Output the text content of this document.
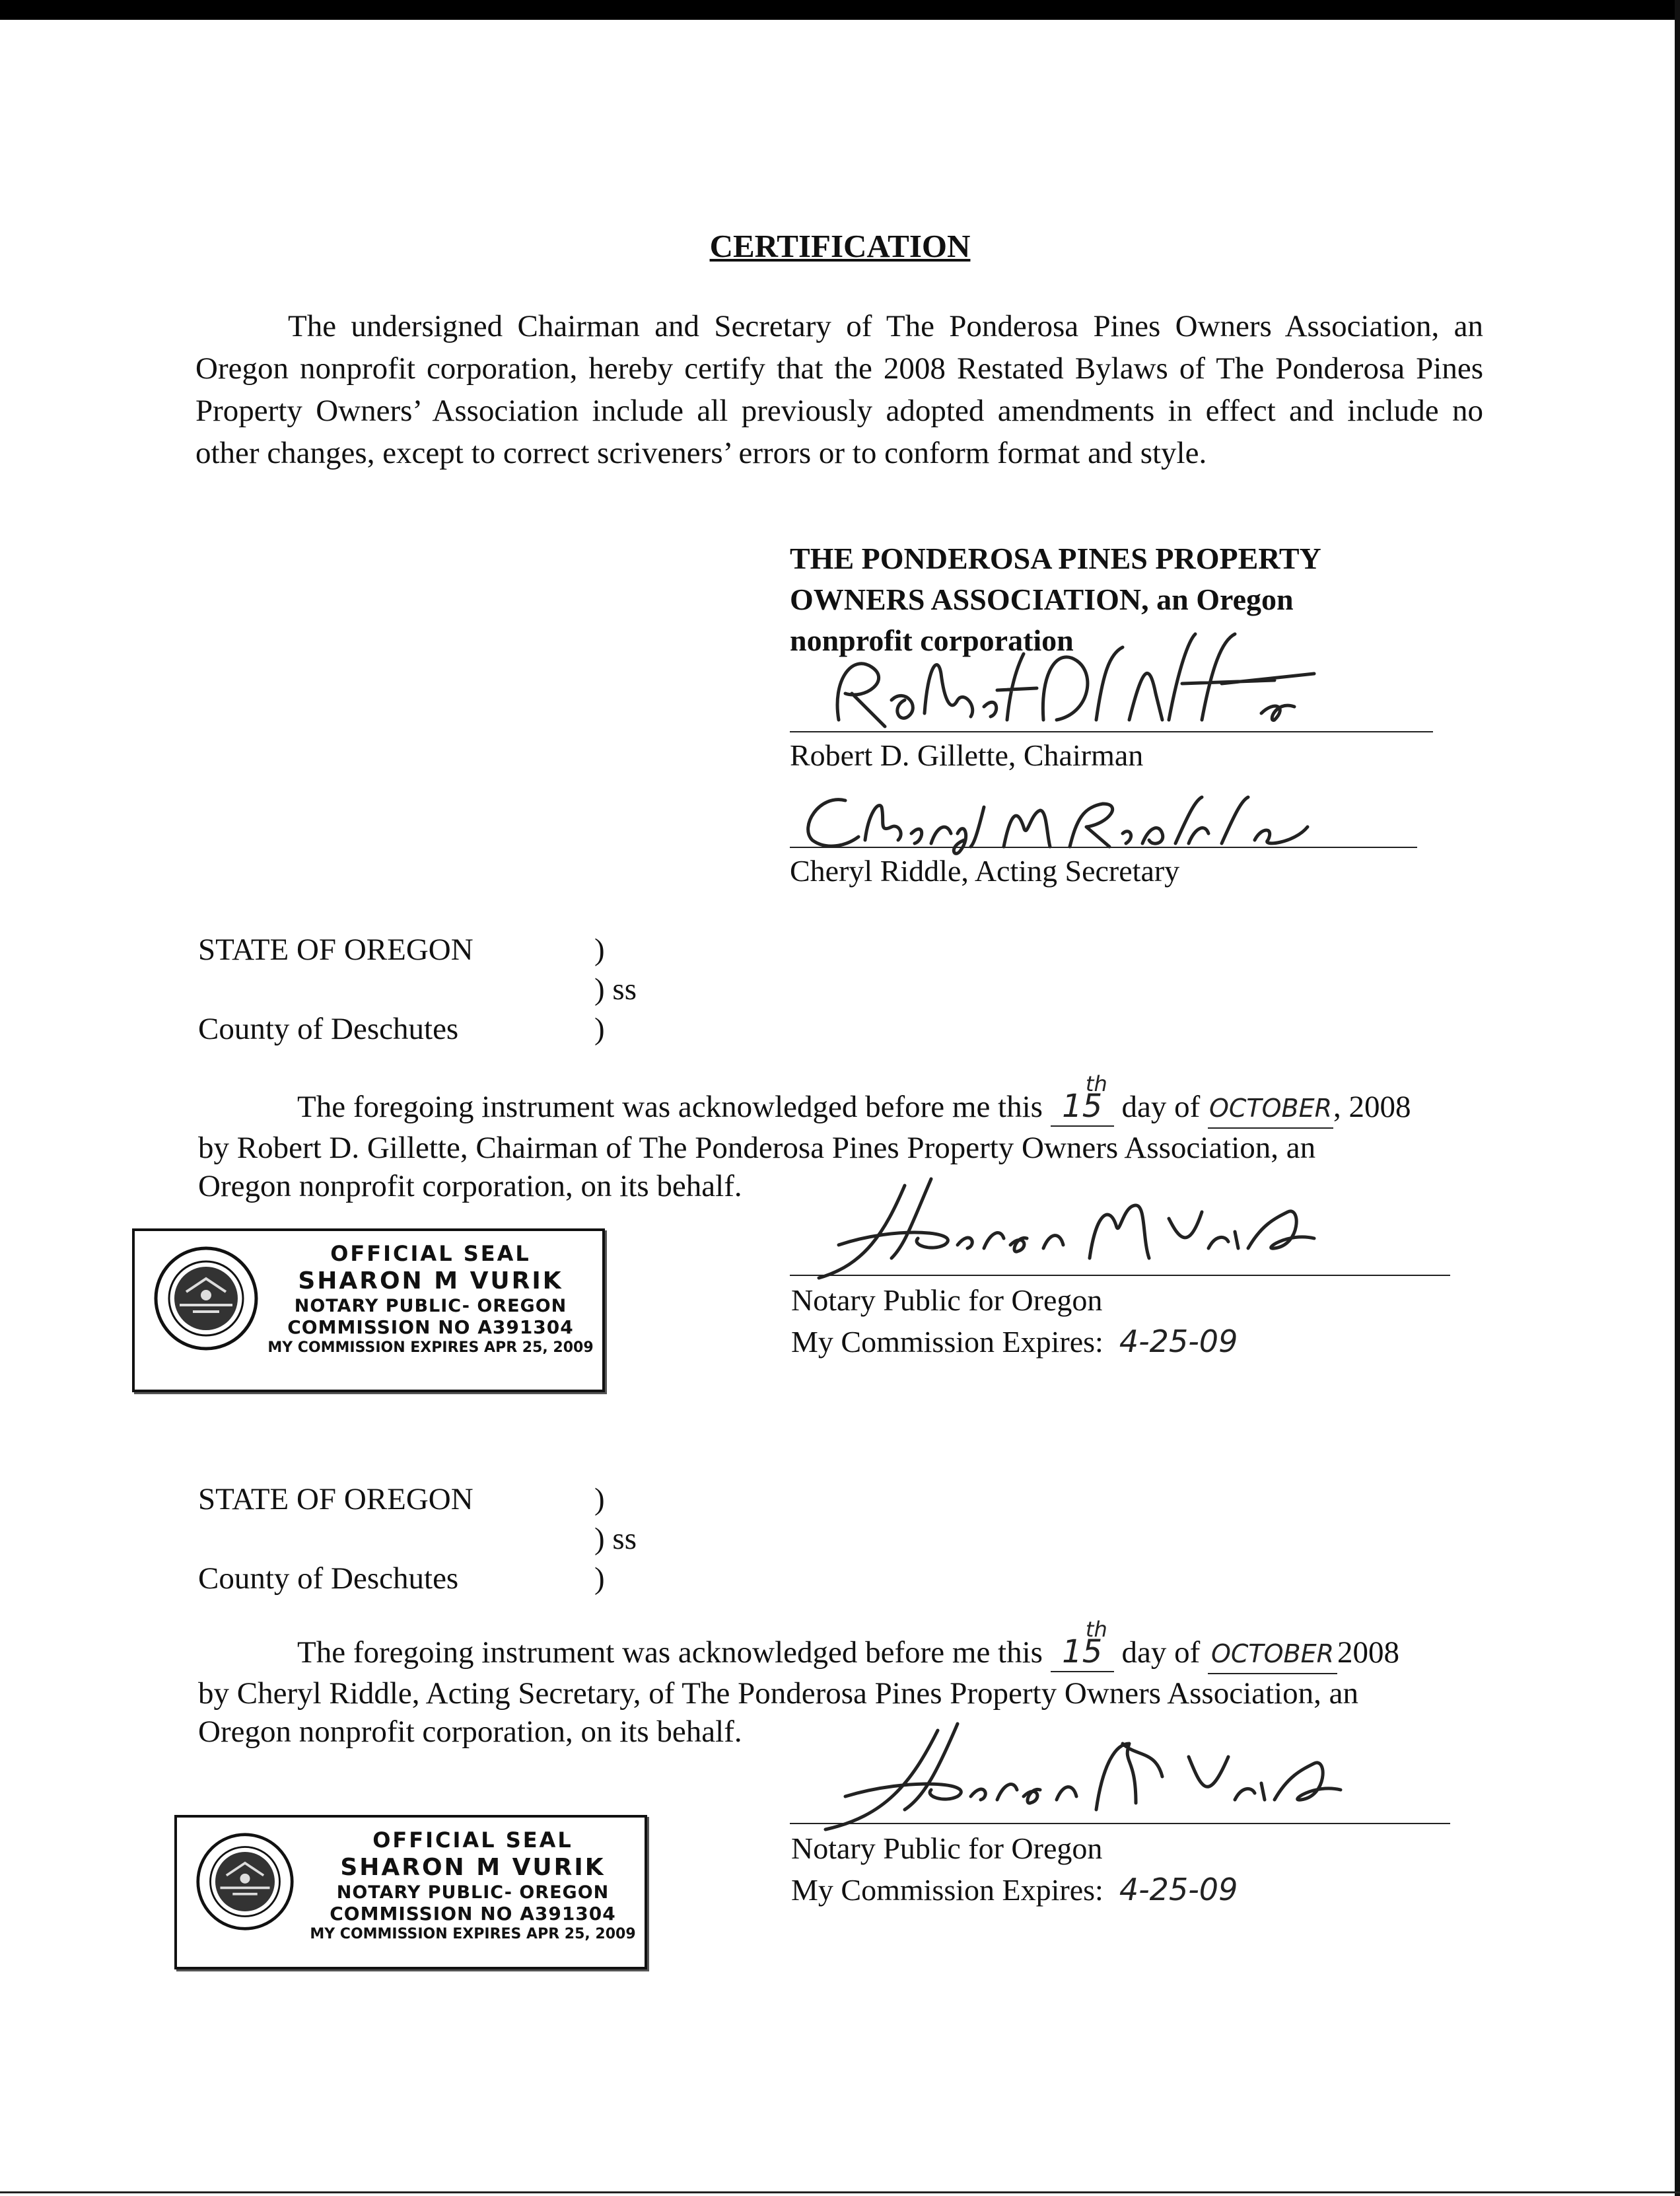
CERTIFICATION
The undersigned Chairman and Secretary of The Ponderosa Pines Owners Association, an Oregon nonprofit corporation, hereby certify that the 2008 Restated Bylaws of The Ponderosa Pines Property Owners’ Association include all previously adopted amendments in effect and include no other changes, except to correct scriveners’ errors or to conform format and style.
THE PONDEROSA PINES PROPERTY
OWNERS ASSOCIATION, an Oregon
nonprofit corporation
Robert D. Gillette, Chairman
Cheryl Riddle, Acting Secretary
STATE OF OREGON	)
) ss
County of Deschutes	)
The foregoing instrument was acknowledged before me this 15
th
day of OCTOBER, 2008
by Robert D. Gillette, Chairman of The Ponderosa Pines Property Owners Association, an
Oregon nonprofit corporation, on its behalf.
Notary Public for Oregon
My Commission Expires: 4-25-09
OFFICIAL SEAL
SHARON M VURIK
NOTARY PUBLIC- OREGON
COMMISSION NO A391304
MY COMMISSION EXPIRES APR 25, 2009
STATE OF OREGON	)
) ss
County of Deschutes	)
The foregoing instrument was acknowledged before me this 15
th
day of OCTOBER 2008
by Cheryl Riddle, Acting Secretary, of The Ponderosa Pines Property Owners Association, an
Oregon nonprofit corporation, on its behalf.
Notary Public for Oregon
My Commission Expires: 4-25-09
OFFICIAL SEAL
SHARON M VURIK
NOTARY PUBLIC- OREGON
COMMISSION NO A391304
MY COMMISSION EXPIRES APR 25, 2009
